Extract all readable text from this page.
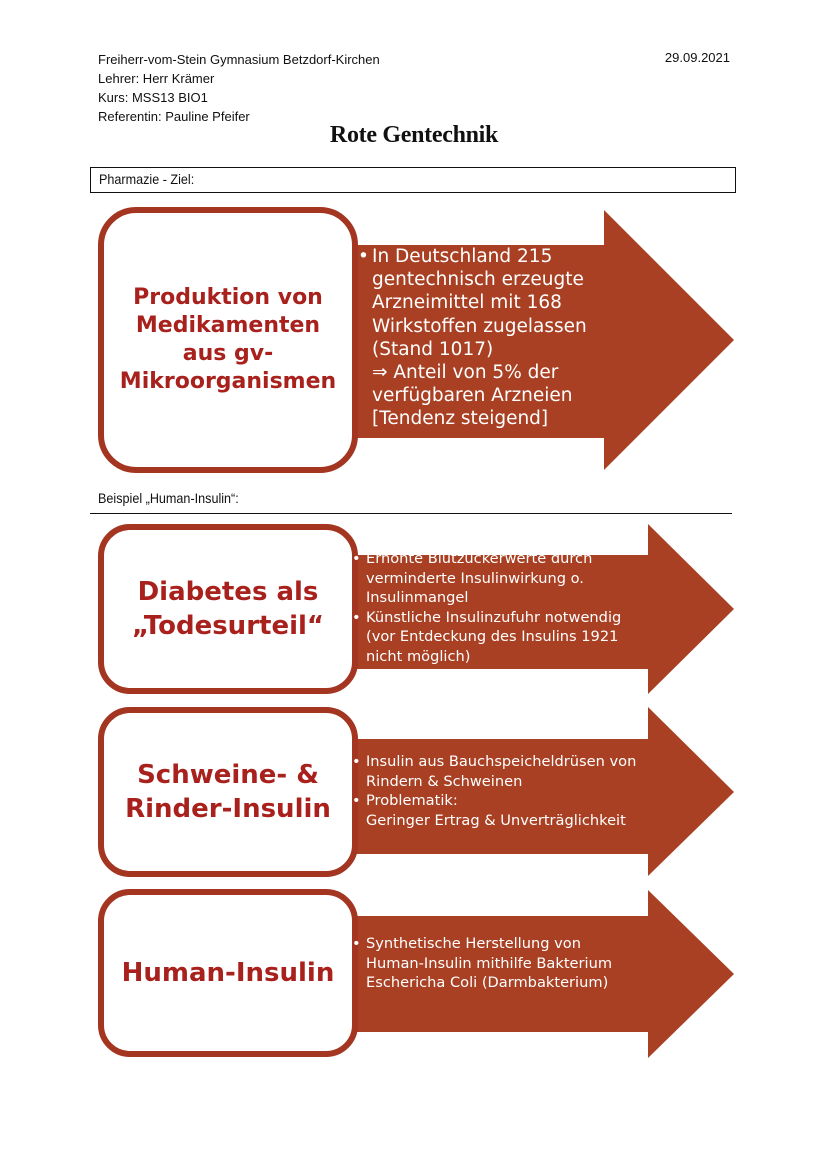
Freiherr-vom-Stein Gymnasium Betzdorf-Kirchen
Lehrer: Herr Krämer
Kurs: MSS13 BIO1
Referentin: Pauline Pfeifer
29.09.2021
Rote Gentechnik
Pharmazie - Ziel:
Beispiel „Human-Insulin“:
Produktion von
Medikamenten
aus gv-
Mikroorganismen
• In Deutschland 215
gentechnisch erzeugte
Arzneimittel mit 168
Wirkstoffen zugelassen
(Stand 1017)
⇒ Anteil von 5% der
verfügbaren Arzneien
[Tendenz steigend]
Diabetes als
„Todesurteil“
• Erhöhte Blutzuckerwerte durch
verminderte Insulinwirkung o.
Insulinmangel
• Künstliche Insulinzufuhr notwendig
(vor Entdeckung des Insulins 1921
nicht möglich)
Schweine- &
Rinder-Insulin
• Insulin aus Bauchspeicheldrüsen von
Rindern & Schweinen
• Problematik:
Geringer Ertrag & Unverträglichkeit
Human-Insulin
• Synthetische Herstellung von
Human-Insulin mithilfe Bakterium
Eschericha Coli (Darmbakterium)
